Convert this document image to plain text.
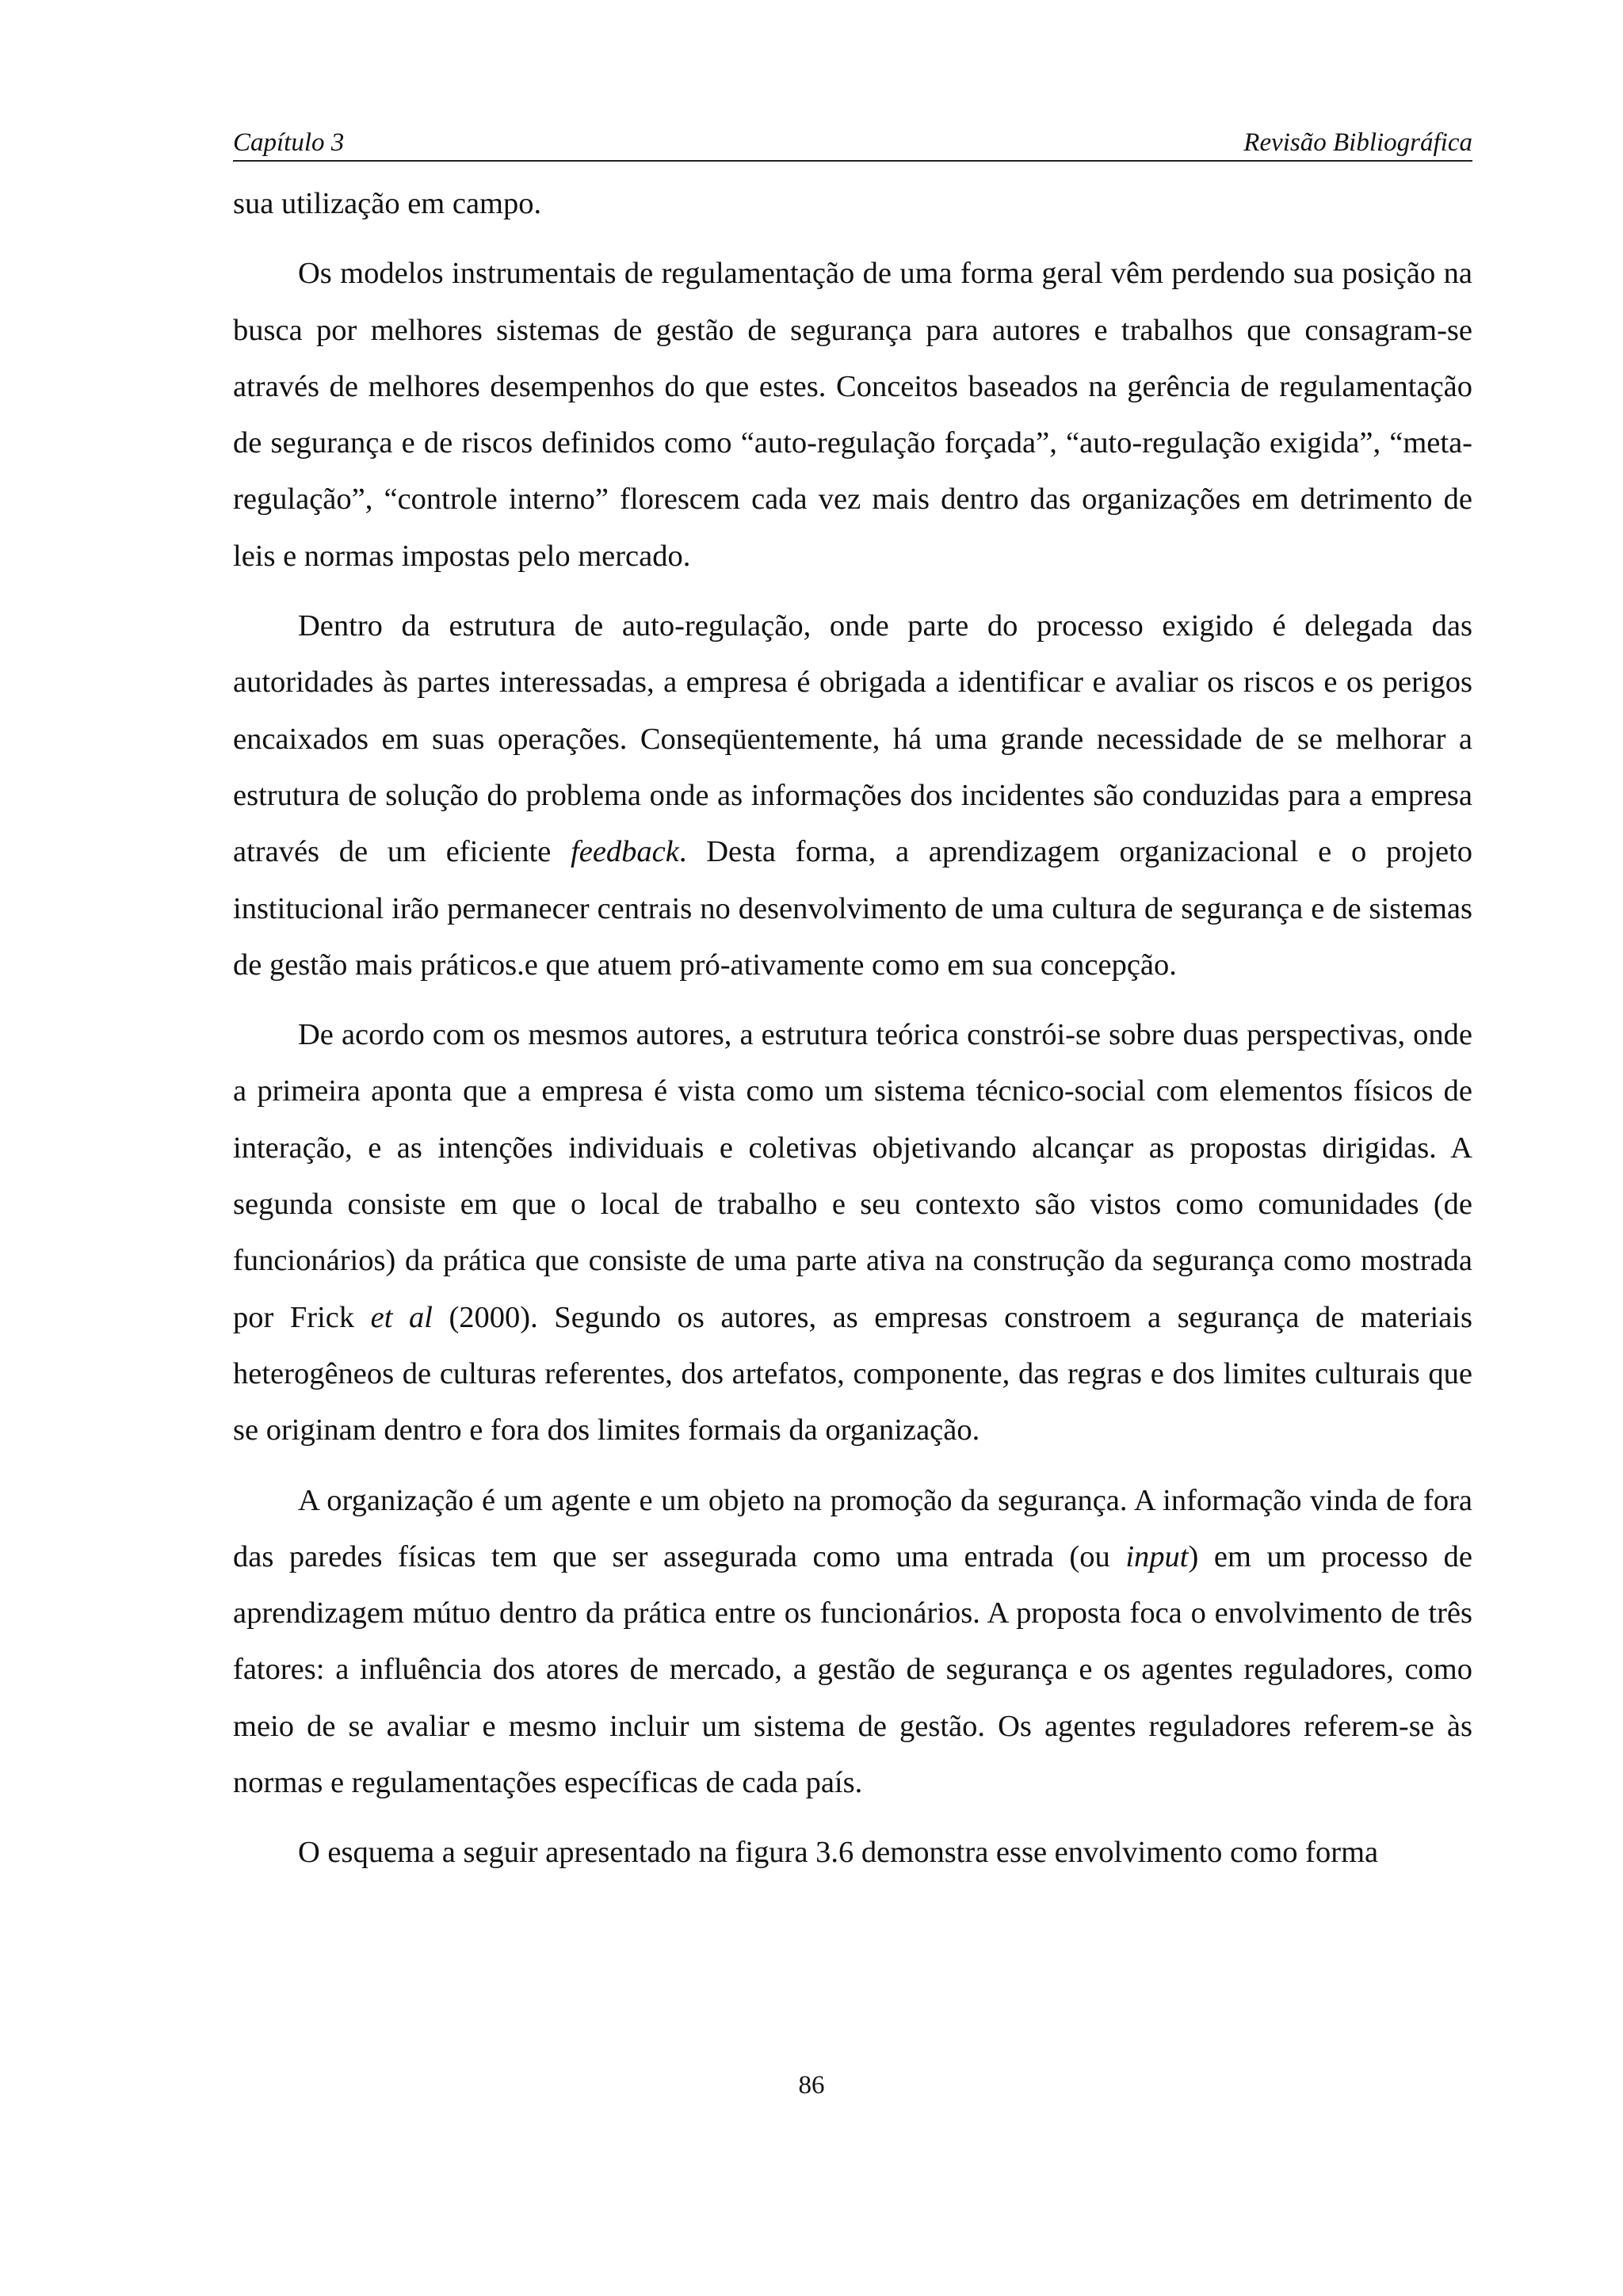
Capítulo 3	Revisão Bibliográfica

sua utilização em campo.

Os modelos instrumentais de regulamentação de uma forma geral vêm perdendo sua posição na busca por melhores sistemas de gestão de segurança para autores e trabalhos que consagram-se através de melhores desempenhos do que estes. Conceitos baseados na gerência de regulamentação de segurança e de riscos definidos como “auto-regulação forçada”, “auto-regulação exigida”, “meta-regulação”, “controle interno” florescem cada vez mais dentro das organizações em detrimento de leis e normas impostas pelo mercado.

Dentro da estrutura de auto-regulação, onde parte do processo exigido é delegada das autoridades às partes interessadas, a empresa é obrigada a identificar e avaliar os riscos e os perigos encaixados em suas operações. Conseqüentemente, há uma grande necessidade de se melhorar a estrutura de solução do problema onde as informações dos incidentes são conduzidas para a empresa através de um eficiente feedback. Desta forma, a aprendizagem organizacional e o projeto institucional irão permanecer centrais no desenvolvimento de uma cultura de segurança e de sistemas de gestão mais práticos.e que atuem pró-ativamente como em sua concepção.

De acordo com os mesmos autores, a estrutura teórica constrói-se sobre duas perspectivas, onde a primeira aponta que a empresa é vista como um sistema técnico-social com elementos físicos de interação, e as intenções individuais e coletivas objetivando alcançar as propostas dirigidas. A segunda consiste em que o local de trabalho e seu contexto são vistos como comunidades (de funcionários) da prática que consiste de uma parte ativa na construção da segurança como mostrada por Frick et al (2000). Segundo os autores, as empresas constroem a segurança de materiais heterogêneos de culturas referentes, dos artefatos, componente, das regras e dos limites culturais que se originam dentro e fora dos limites formais da organização.

A organização é um agente e um objeto na promoção da segurança. A informação vinda de fora das paredes físicas tem que ser assegurada como uma entrada (ou input) em um processo de aprendizagem mútuo dentro da prática entre os funcionários. A proposta foca o envolvimento de três fatores: a influência dos atores de mercado, a gestão de segurança e os agentes reguladores, como meio de se avaliar e mesmo incluir um sistema de gestão. Os agentes reguladores referem-se às normas e regulamentações específicas de cada país.

O esquema a seguir apresentado na figura 3.6 demonstra esse envolvimento como forma

86
